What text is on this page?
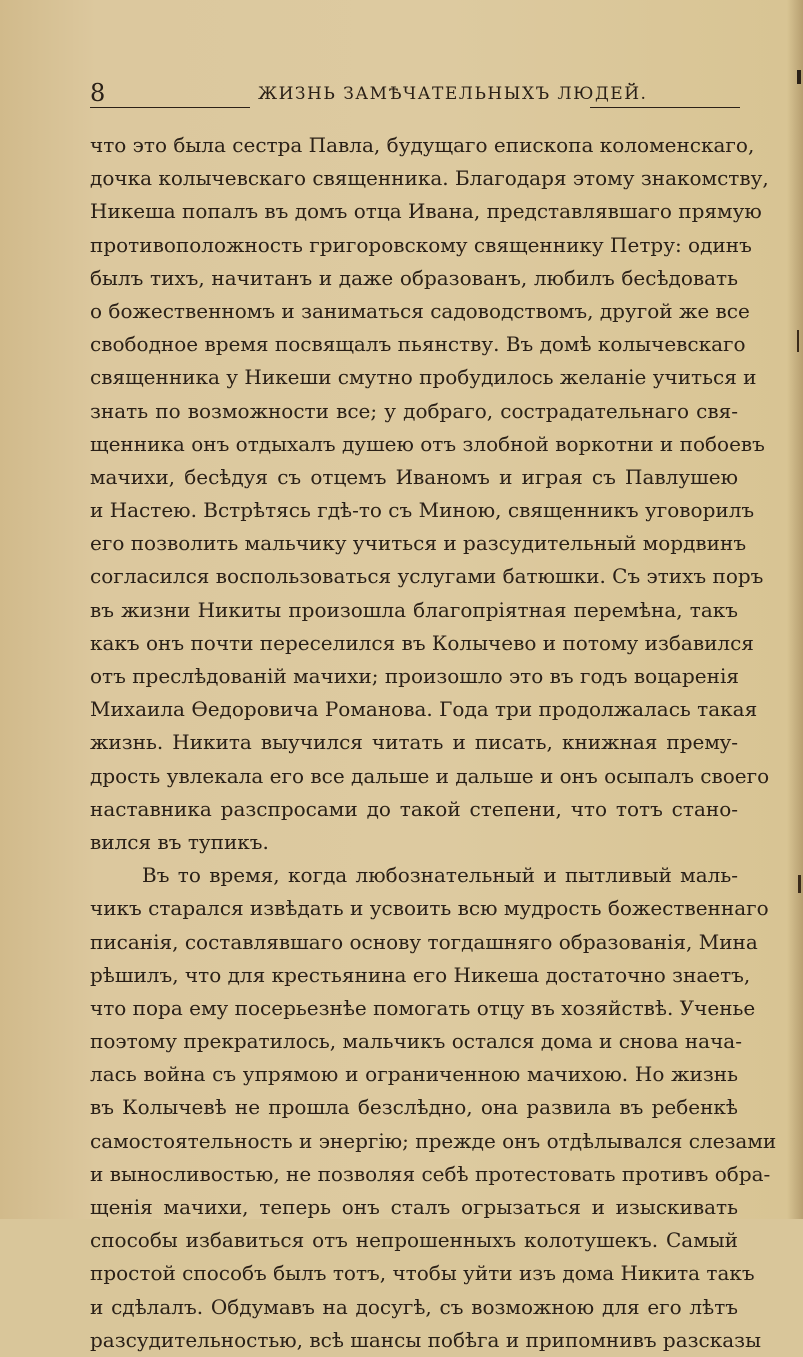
8	ЖИЗНЬ ЗАМѢЧАТЕЛЬНЫХЪ ЛЮДЕЙ.
что это была сестра Павла, будущаго епископа коломенскаго,
дочка колычевскаго священника. Благодаря этому знакомству,
Никеша попалъ въ домъ отца Ивана, представлявшаго прямую
противоположность григоровскому священнику Петру: одинъ
былъ тихъ, начитанъ и даже образованъ, любилъ бесѣдовать
о божественномъ и заниматься садоводствомъ, другой же все
свободное время посвящалъ пьянству. Въ домѣ колычевскаго
священника у Никеши смутно пробудилось желаніе учиться и
знать по возможности все; у добраго, сострадательнаго свя-
щенника онъ отдыхалъ душею отъ злобной воркотни и побоевъ
мачихи, бесѣдуя съ отцемъ Иваномъ и играя съ Павлушею
и Настею. Встрѣтясь гдѣ-то съ Миною, священникъ уговорилъ
его позволить мальчику учиться и разсудительный мордвинъ
согласился воспользоваться услугами батюшки. Съ этихъ поръ
въ жизни Никиты произошла благопріятная перемѣна, такъ
какъ онъ почти переселился въ Колычево и потому избавился
отъ преслѣдованій мачихи; произошло это въ годъ воцаренія
Михаила Ѳедоровича Романова. Года три продолжалась такая
жизнь. Никита выучился читать и писать, книжная премy-
дрость увлекала его все дальше и дальше и онъ осыпалъ своего
наставника разспросами до такой степени, что тотъ стано-
вился въ тупикъ.
Въ то время, когда любознательный и пытливый маль-
чикъ старался извѣдать и усвоить всю мудрость божественнаго
писанія, составлявшаго основу тогдашняго образованія, Мина
рѣшилъ, что для крестьянина его Никеша достаточно знаетъ,
что пора ему посерьезнѣе помогать отцу въ хозяйствѣ. Ученье
поэтому прекратилось, мальчикъ остался дома и снова нача-
лась война съ упрямою и ограниченною мачихою. Но жизнь
въ Колычевѣ не прошла безслѣдно, она развила въ ребенкѣ
самостоятельность и энергію; прежде онъ отдѣлывался слезами
и выносливостью, не позволяя себѣ протестовать противъ обра-
щенія мачихи, теперь онъ сталъ огрызаться и изыскивать
способы избавиться отъ непрошенныхъ колотушекъ. Самый
простой способъ былъ тотъ, чтобы уйти изъ дома Никита такъ
и сдѣлалъ. Обдумавъ на досугѣ, съ возможною для его лѣтъ
разсудительностью, всѣ шансы побѣга и припомнивъ разсказы
